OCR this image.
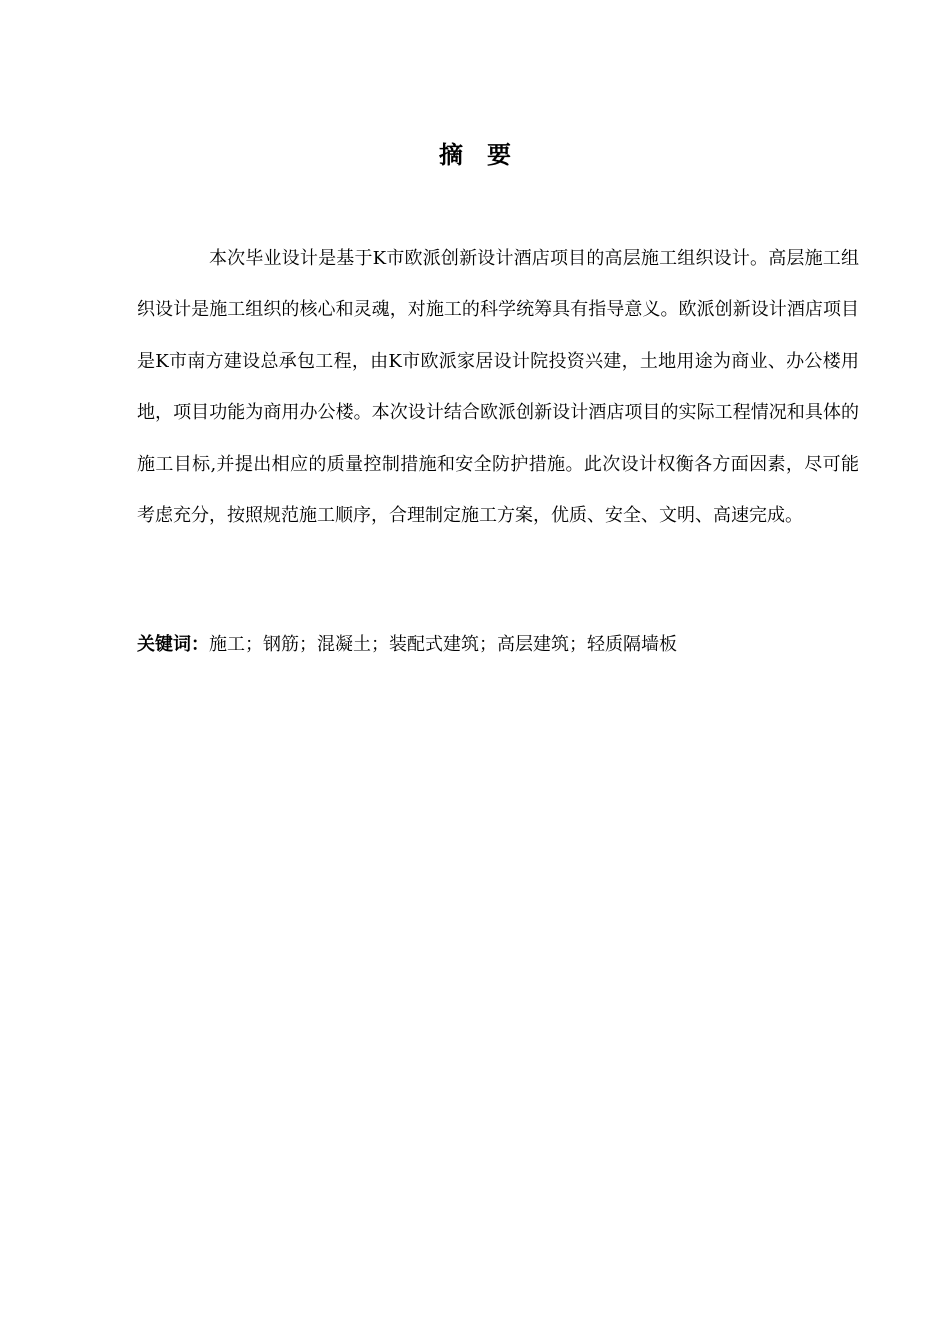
摘　要

本次毕业设计是基于K市欧派创新设计酒店项目的高层施工组织设计。高层施工组织设计是施工组织的核心和灵魂，对施工的科学统筹具有指导意义。欧派创新设计酒店项目是K市南方建设总承包工程，由K市欧派家居设计院投资兴建，土地用途为商业、办公楼用地，项目功能为商用办公楼。本次设计结合欧派创新设计酒店项目的实际工程情况和具体的施工目标,并提出相应的质量控制措施和安全防护措施。此次设计权衡各方面因素，尽可能考虑充分，按照规范施工顺序，合理制定施工方案，优质、安全、文明、高速完成。

关键词：施工；钢筋；混凝土；装配式建筑；高层建筑；轻质隔墙板
